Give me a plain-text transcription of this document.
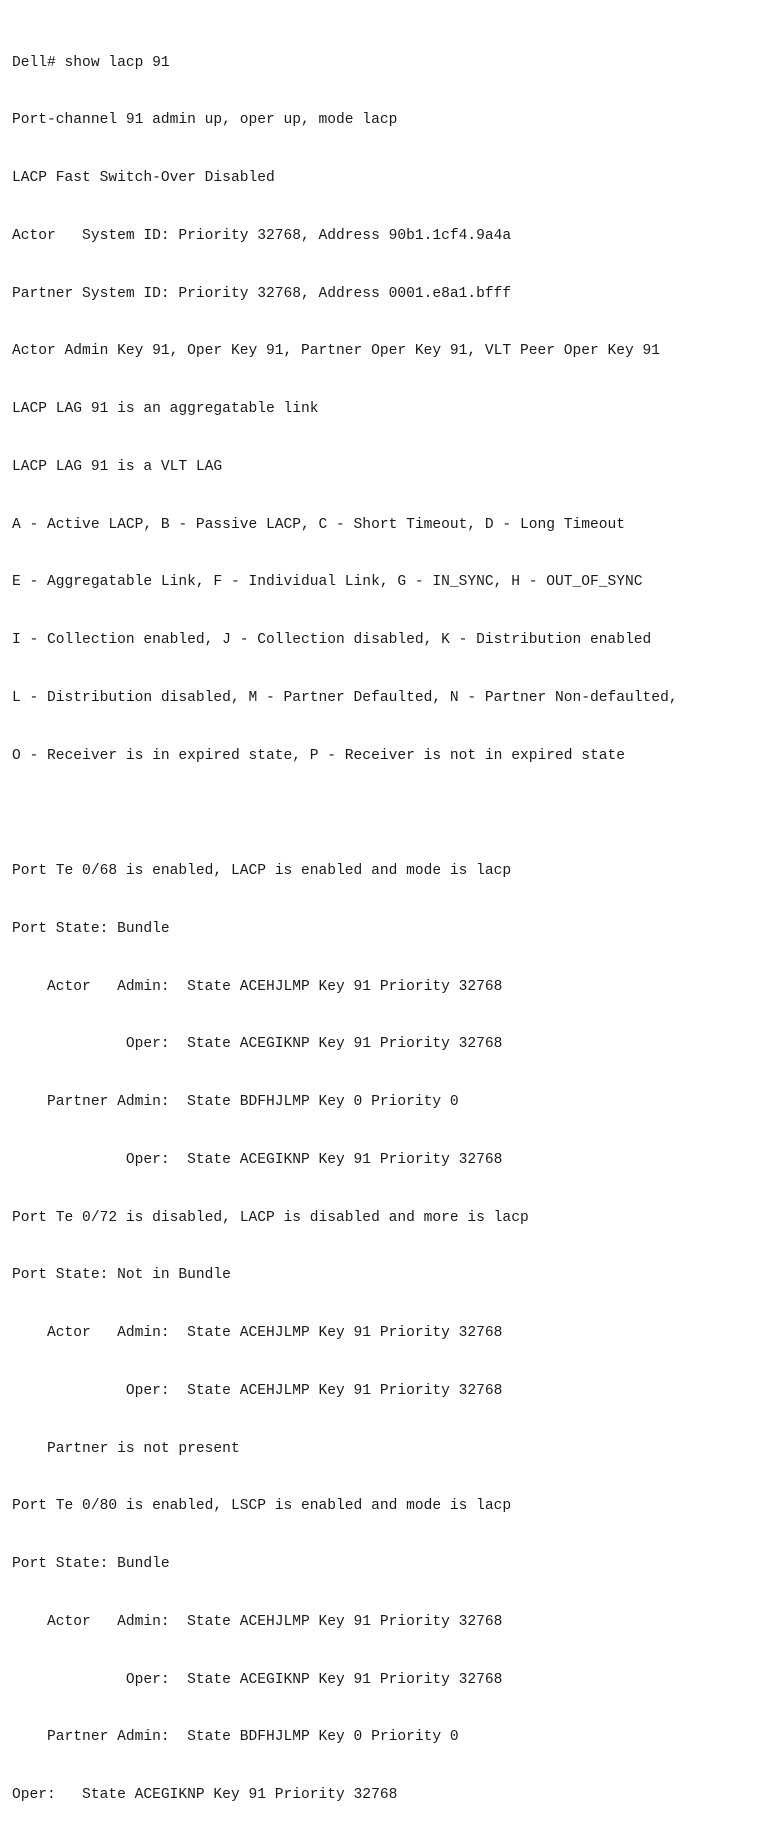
Dell# show lacp 91

Port-channel 91 admin up, oper up, mode lacp

LACP Fast Switch-Over Disabled

Actor   System ID: Priority 32768, Address 90b1.1cf4.9a4a

Partner System ID: Priority 32768, Address 0001.e8a1.bfff

Actor Admin Key 91, Oper Key 91, Partner Oper Key 91, VLT Peer Oper Key 91

LACP LAG 91 is an aggregatable link

LACP LAG 91 is a VLT LAG

A - Active LACP, B - Passive LACP, C - Short Timeout, D - Long Timeout

E - Aggregatable Link, F - Individual Link, G - IN_SYNC, H - OUT_OF_SYNC

I - Collection enabled, J - Collection disabled, K - Distribution enabled

L - Distribution disabled, M - Partner Defaulted, N - Partner Non-defaulted,

O - Receiver is in expired state, P - Receiver is not in expired state

Port Te 0/68 is enabled, LACP is enabled and mode is lacp

Port State: Bundle

Actor   Admin:  State ACEHJLMP Key 91 Priority 32768

Oper:  State ACEGIKNP Key 91 Priority 32768

Partner Admin:  State BDFHJLMP Key 0 Priority 0

Oper:  State ACEGIKNP Key 91 Priority 32768

Port Te 0/72 is disabled, LACP is disabled and more is lacp

Port State: Not in Bundle

Actor   Admin:  State ACEHJLMP Key 91 Priority 32768

Oper:  State ACEHJLMP Key 91 Priority 32768

Partner is not present

Port Te 0/80 is enabled, LSCP is enabled and mode is lacp

Port State: Bundle

Actor   Admin:  State ACEHJLMP Key 91 Priority 32768

Oper:  State ACEGIKNP Key 91 Priority 32768

Partner Admin:  State BDFHJLMP Key 0 Priority 0

Oper:   State ACEGIKNP Key 91 Priority 32768
